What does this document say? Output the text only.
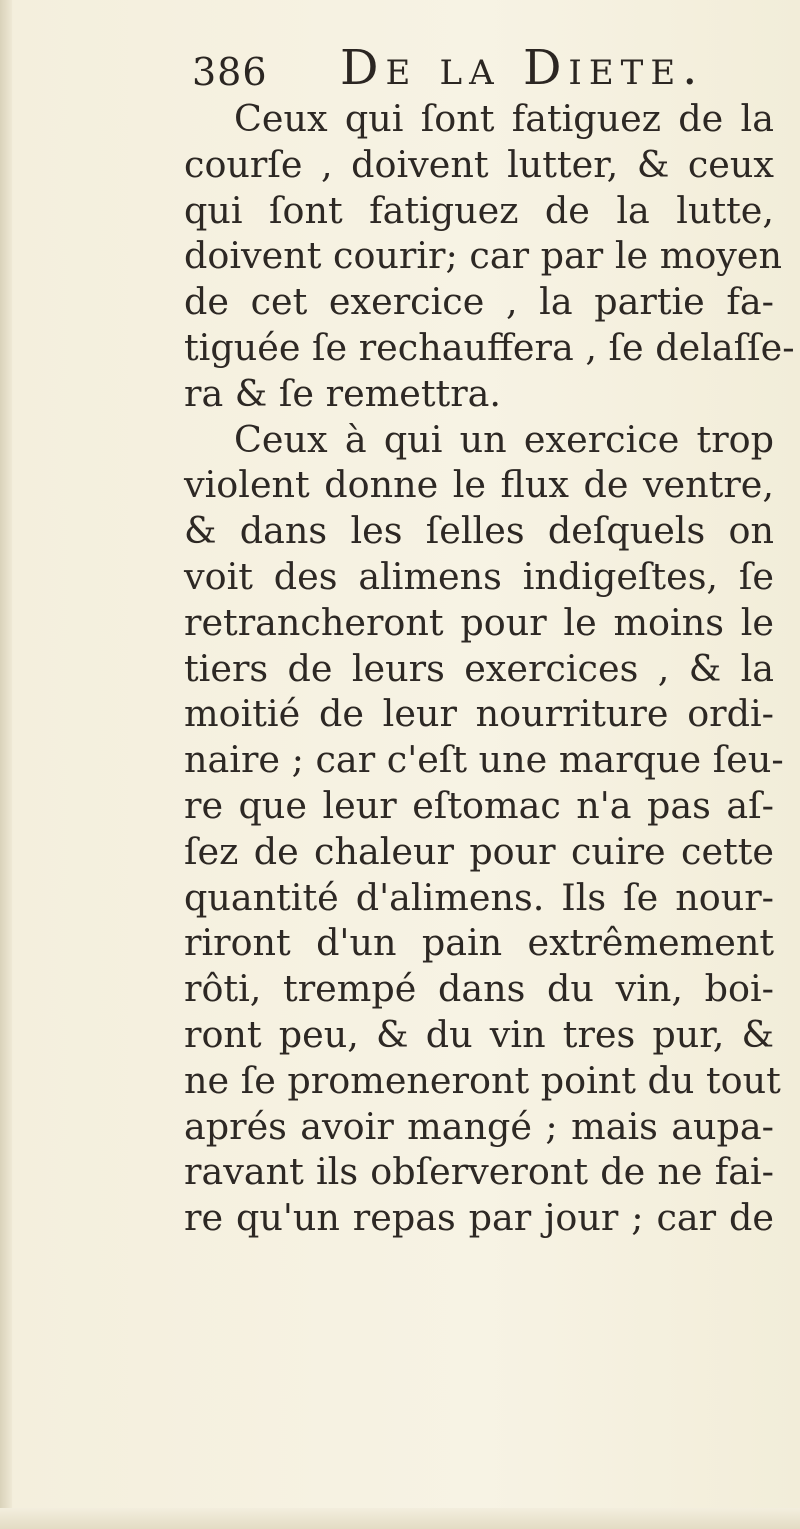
386 De la Diete.
Ceux qui ſont fatiguez de la
courſe , doivent lutter, & ceux
qui ſont fatiguez de la lutte,
doivent courir; car par le moyen
de cet exercice , la partie fa-
tiguée ſe rechauffera , ſe delaſſe-
ra & ſe remettra.
Ceux à qui un exercice trop
violent donne le flux de ventre,
& dans les ſelles deſquels on
voit des alimens indigeſtes, ſe
retrancheront pour le moins le
tiers de leurs exercices , & la
moitié de leur nourriture ordi-
naire ; car c'eſt une marque ſeu-
re que leur eſtomac n'a pas aſ-
ſez de chaleur pour cuire cette
quantité d'alimens. Ils ſe nour-
riront d'un pain extrêmement
rôti, trempé dans du vin, boi-
ront peu, & du vin tres pur, &
ne ſe promeneront point du tout
aprés avoir mangé ; mais aupa-
ravant ils obſerveront de ne fai-
re qu'un repas par jour ; car de
